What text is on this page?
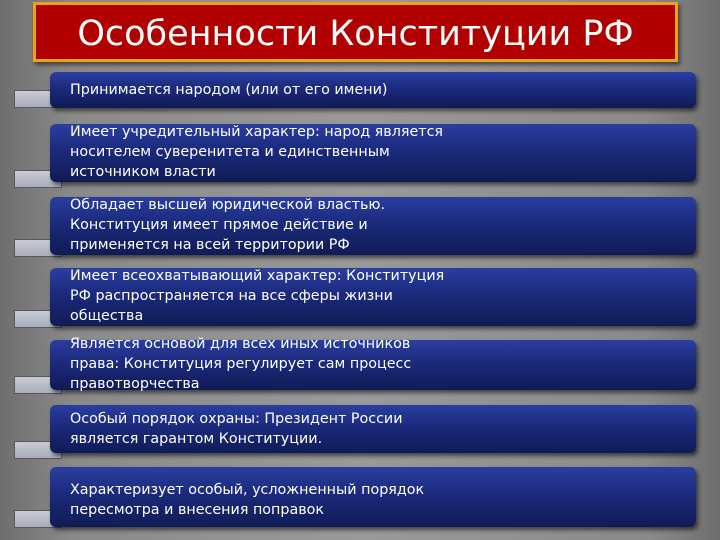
Особенности Конституции РФ
Принимается народом (или от его имени)
Имеет учредительный характер: народ является
носителем суверенитета и единственным
источником власти
Обладает высшей юридической властью.
Конституция имеет прямое действие и
применяется на всей территории РФ
Имеет всеохватывающий характер: Конституция
РФ распространяется на все сферы жизни
общества
Является основой для всех иных источников
права: Конституция регулирует сам процесс
правотворчества
Особый порядок охраны: Президент России
является гарантом Конституции.
Характеризует особый, усложненный порядок
пересмотра и внесения поправок
